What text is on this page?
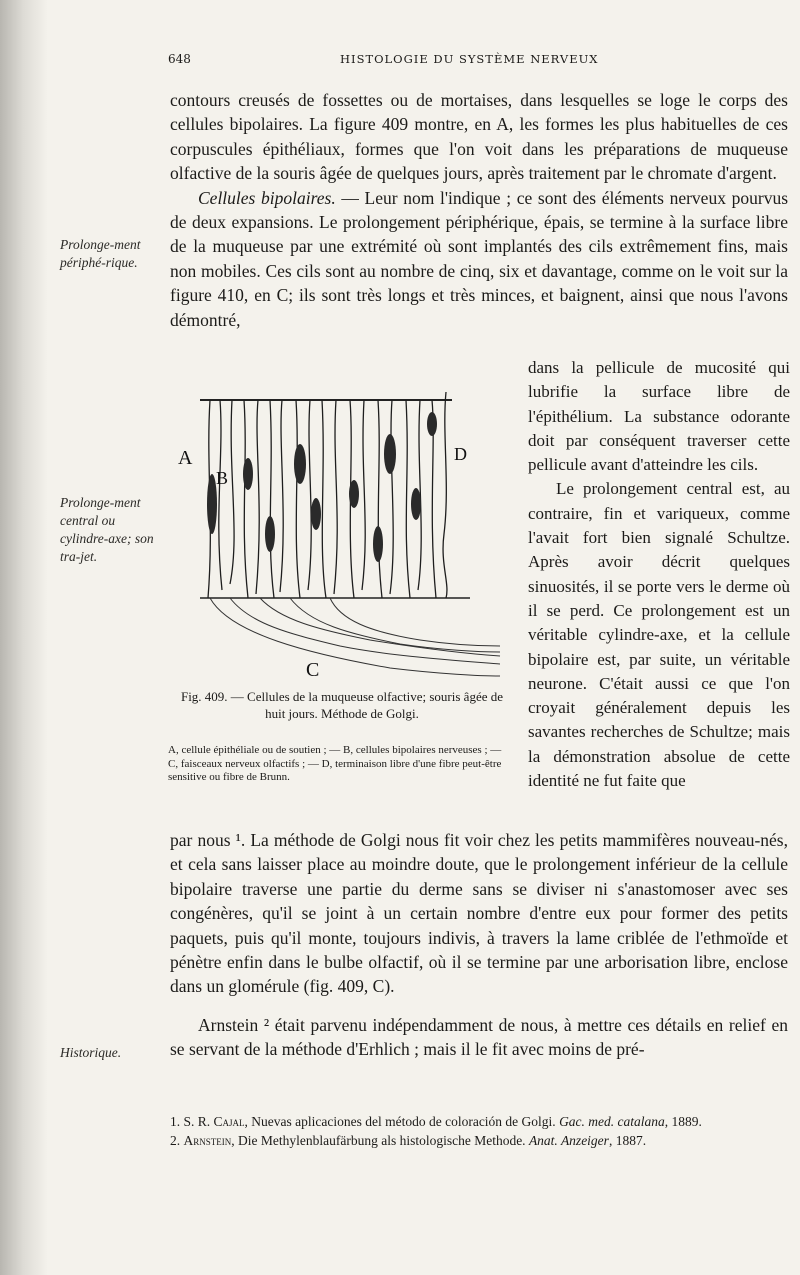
648	HISTOLOGIE DU SYSTÈME NERVEUX

contours creusés de fossettes ou de mortaises, dans lesquelles se loge le corps des cellules bipolaires. La figure 409 montre, en A, les formes les plus habituelles de ces corpuscules épithéliaux, formes que l'on voit dans les préparations de muqueuse olfactive de la souris âgée de quelques jours, après traitement par le chromate d'argent.

Cellules bipolaires. — Leur nom l'indique ; ce sont des éléments nerveux pourvus de deux expansions. Le prolongement périphérique, épais, se termine à la surface libre de la muqueuse par une extrémité où sont implantés des cils extrêmement fins, mais non mobiles. Ces cils sont au nombre de cinq, six et davantage, comme on le voit sur la figure 410, en C; ils sont très longs et très minces, et baignent, ainsi que nous l'avons démontré,

Prolonge-ment périphé-rique.
Prolonge-ment central ou cylindre-axe; son tra-jet.
Historique.
A
B
C
D
Fig. 409. — Cellules de la muqueuse olfactive; souris âgée de huit jours. Méthode de Golgi.
A, cellule épithéliale ou de soutien ; — B, cellules bipolaires nerveuses ; — C, faisceaux nerveux olfactifs ; — D, terminaison libre d'une fibre peut-être sensitive ou fibre de Brunn.

dans la pellicule de mucosité qui lubrifie la surface libre de l'épithélium. La substance odorante doit par conséquent traverser cette pellicule avant d'atteindre les cils.

Le prolongement central est, au contraire, fin et variqueux, comme l'avait fort bien signalé Schultze. Après avoir décrit quelques sinuosités, il se porte vers le derme où il se perd. Ce prolongement est un véritable cylindre-axe, et la cellule bipolaire est, par suite, un véritable neurone. C'était aussi ce que l'on croyait généralement depuis les savantes recherches de Schultze; mais la démonstration absolue de cette identité ne fut faite que

par nous ¹. La méthode de Golgi nous fit voir chez les petits mammifères nouveau-nés, et cela sans laisser place au moindre doute, que le prolongement inférieur de la cellule bipolaire traverse une partie du derme sans se diviser ni s'anastomoser avec ses congénères, qu'il se joint à un certain nombre d'entre eux pour former des petits paquets, puis qu'il monte, toujours indivis, à travers la lame criblée de l'ethmoïde et pénètre enfin dans le bulbe olfactif, où il se termine par une arborisation libre, enclose dans un glomérule (fig. 409, C).

Arnstein ² était parvenu indépendamment de nous, à mettre ces détails en relief en se servant de la méthode d'Erhlich ; mais il le fit avec moins de pré-

1. S. R. Cajal, Nuevas aplicaciones del método de coloración de Golgi. Gac. med. catalana, 1889.

2. Arnstein, Die Methylenblaufärbung als histologische Methode. Anat. Anzeiger, 1887.
